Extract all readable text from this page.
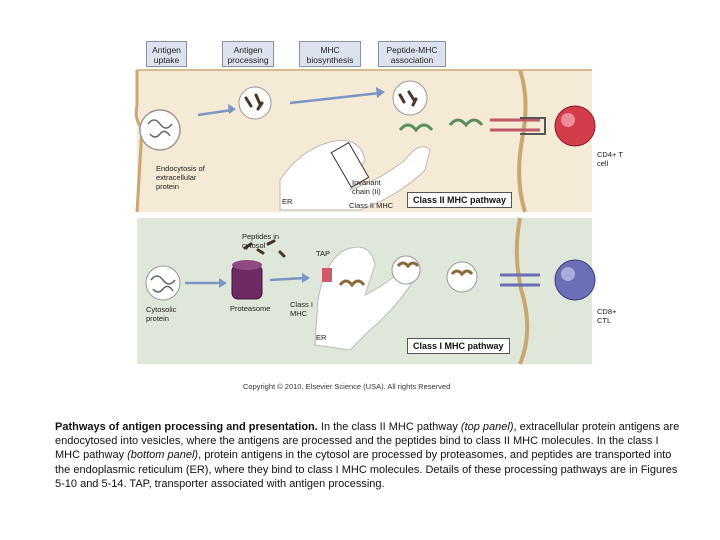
Antigen
uptake
Antigen
processing
MHC
biosynthesis
Peptide-MHC
association
Endocytosis of extracellular protein	Invariant chain (Ii)
Class II MHC
ER
CD4+ T cell
Class II MHC pathway
Peptides in cytosol
TAP
Cytosolic protein
Proteasome	Class I MHC
ER
CD8+ CTL
Class I MHC pathway
Copyright © 2010, Elsevier Science (USA). All rights Reserved
Pathways of antigen processing and presentation. In the class II MHC pathway (top panel), extracellular protein antigens are endocytosed into vesicles, where the antigens are processed and the peptides bind to class II MHC molecules. In the class I MHC pathway (bottom panel), protein antigens in the cytosol are processed by proteasomes, and peptides are transported into the endoplasmic reticulum (ER), where they bind to class I MHC molecules. Details of these processing pathways are in Figures 5-10 and 5-14. TAP, transporter associated with antigen processing.
